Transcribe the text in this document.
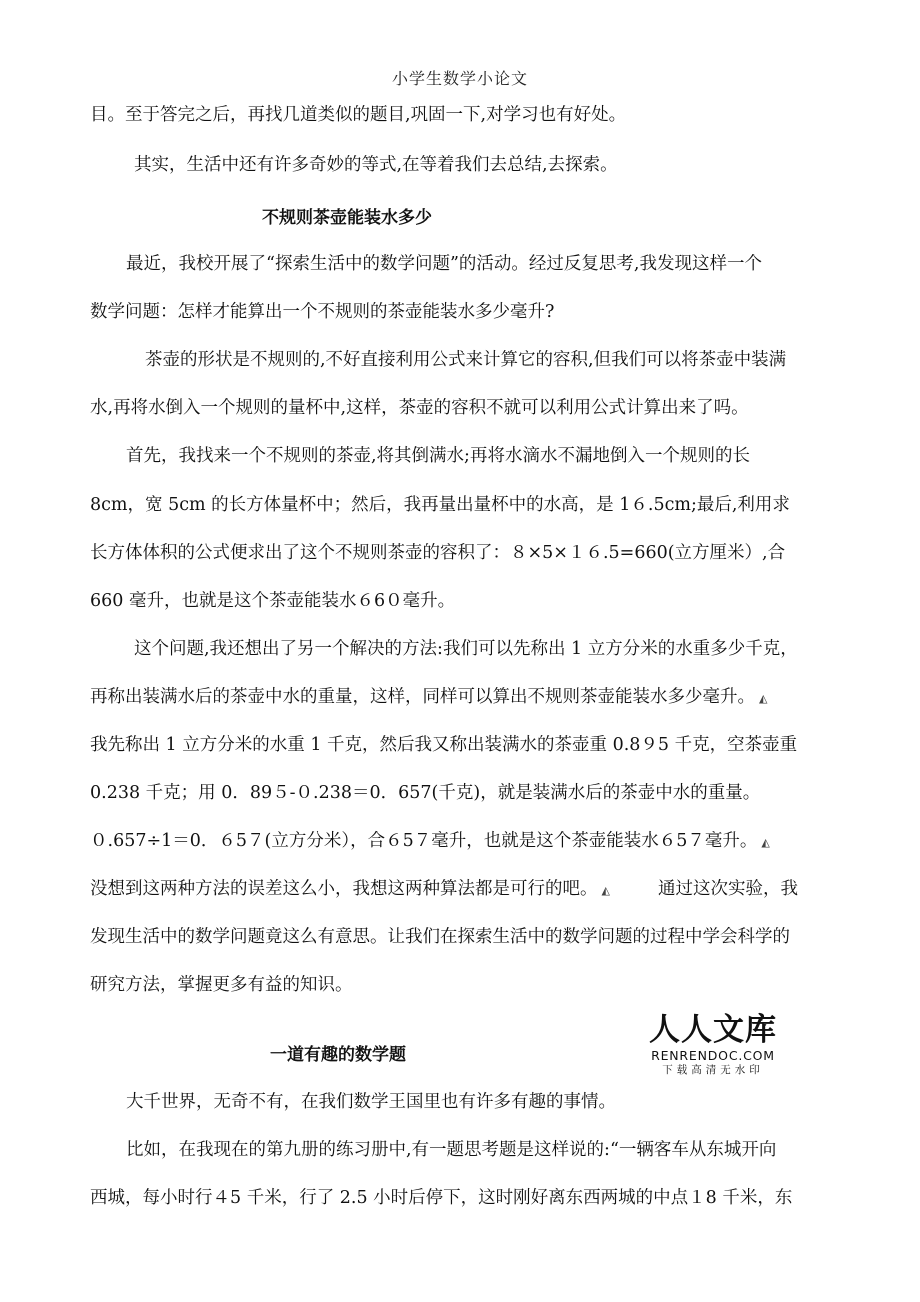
小学生数学小论文
目。至于答完之后，再找几道类似的题目,巩固一下,对学习也有好处。
其实，生活中还有许多奇妙的等式,在等着我们去总结,去探索。
不规则茶壶能装水多少
最近，我校开展了“探索生活中的数学问题”的活动。经过反复思考,我发现这样一个
数学问题：怎样才能算出一个不规则的茶壶能装水多少毫升?
茶壶的形状是不规则的,不好直接利用公式来计算它的容积,但我们可以将茶壶中装满
水,再将水倒入一个规则的量杯中,这样，茶壶的容积不就可以利用公式计算出来了吗。
首先，我找来一个不规则的茶壶,将其倒满水;再将水滴水不漏地倒入一个规则的长
8cm，宽 5cm 的长方体量杯中；然后，我再量出量杯中的水高，是 1６.5cm;最后,利用求
长方体体积的公式便求出了这个不规则茶壶的容积了：８×5×１６.5=660(立方厘米）,合
660 毫升，也就是这个茶壶能装水６6０毫升。
这个问题,我还想出了另一个解决的方法:我们可以先称出 1 立方分米的水重多少千克，
再称出装满水后的茶壶中水的重量，这样，同样可以算出不规则茶壶能装水多少毫升。 ◭
我先称出 1 立方分米的水重 1 千克，然后我又称出装满水的茶壶重 0.8９5 千克，空茶壶重
0.238 千克；用 0．89５-０.238＝0．657(千克)，就是装满水后的茶壶中水的重量。
０.657÷1＝0．６5７(立方分米），合６5７毫升，也就是这个茶壶能装水６5７毫升。 ◭
没想到这两种方法的误差这么小，我想这两种算法都是可行的吧。 ◭	通过这次实验，我
发现生活中的数学问题竟这么有意思。让我们在探索生活中的数学问题的过程中学会科学的
研究方法，掌握更多有益的知识。
一道有趣的数学题
大千世界，无奇不有，在我们数学王国里也有许多有趣的事情。
比如，在我现在的第九册的练习册中,有一题思考题是这样说的:“一辆客车从东城开向
西城，每小时行４5 千米，行了 2.5 小时后停下，这时刚好离东西两城的中点１8 千米，东
人人文库
RENRENDOC.COM
下载高清无水印
